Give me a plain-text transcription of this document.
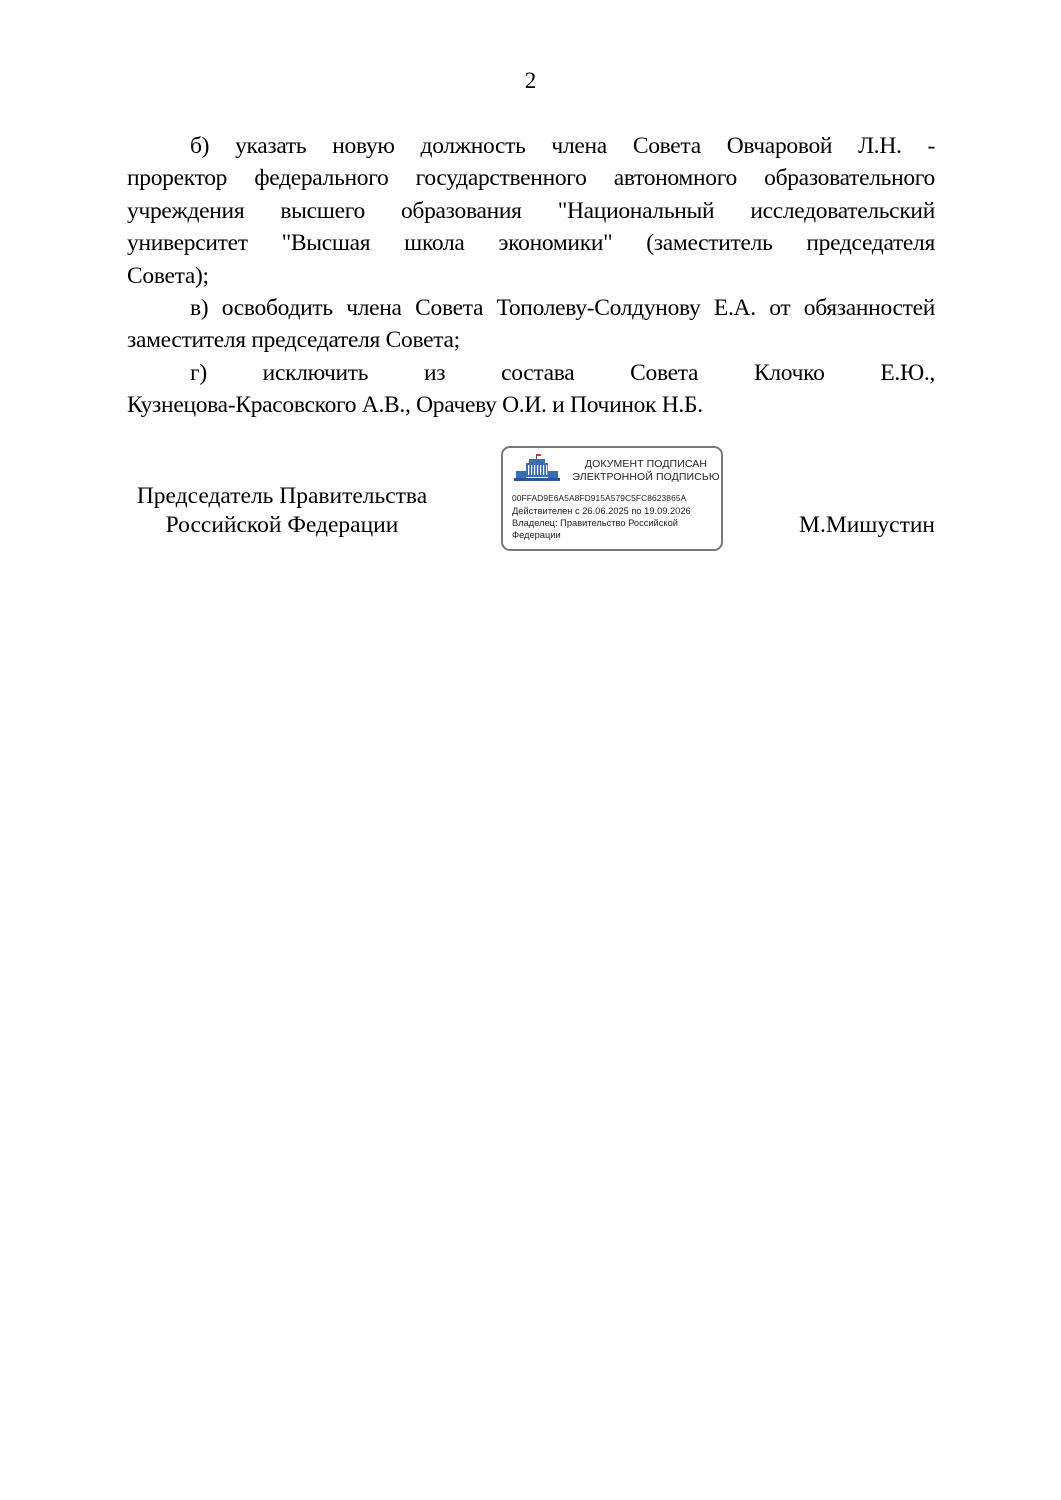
2

б) указать новую должность члена Совета Овчаровой Л.Н. -
проректор федерального государственного автономного образовательного
учреждения высшего образования "Национальный исследовательский
университет "Высшая школа экономики" (заместитель председателя
Совета);

в) освободить члена Совета Тополеву-Солдунову Е.А. от обязанностей
заместителя председателя Совета;

г) исключить из состава Совета Клочко Е.Ю.,
Кузнецова-Красовского А.В., Орачеву О.И. и Починок Н.Б.

Председатель Правительства
Российской Федерации
ДОКУМЕНТ ПОДПИСАН
ЭЛЕКТРОННОЙ ПОДПИСЬЮ
00FFAD9E6A5A8FD915A579C5FC8623865A
Действителен с 26.06.2025 по 19.09.2026
Владелец: Правительство Российской
Федерации	М.Мишустин
